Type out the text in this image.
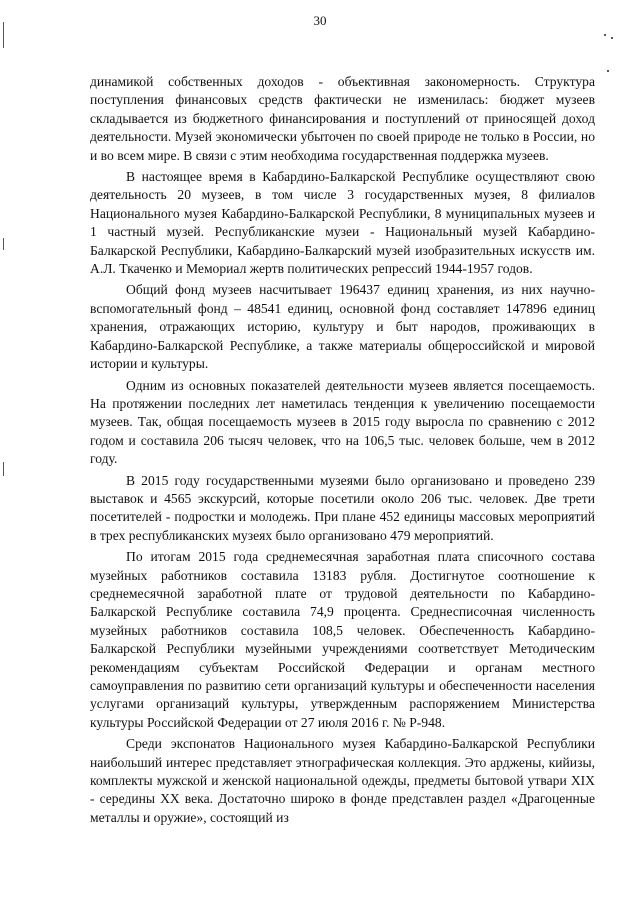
30

динамикой собственных доходов - объективная закономерность. Структура поступления финансовых средств фактически не изменилась: бюджет музеев складывается из бюджетного финансирования и поступлений от приносящей доход деятельности. Музей экономически убыточен по своей природе не только в России, но и во всем мире. В связи с этим необходима государственная поддержка музеев.

В настоящее время в Кабардино-Балкарской Республике осуществляют свою деятельность 20 музеев, в том числе 3 государственных музея, 8 филиалов Национального музея Кабардино-Балкарской Республики, 8 муниципальных музеев и 1 частный музей. Республиканские музеи - Национальный музей Кабардино-Балкарской Республики, Кабардино-Балкарский музей изобразительных искусств им. А.Л. Ткаченко и Мемориал жертв политических репрессий 1944-1957 годов.

Общий фонд музеев насчитывает 196437 единиц хранения, из них научно-вспомогательный фонд – 48541 единиц, основной фонд составляет 147896 единиц хранения, отражающих историю, культуру и быт народов, проживающих в Кабардино-Балкарской Республике, а также материалы общероссийской и мировой истории и культуры.

Одним из основных показателей деятельности музеев является посещаемость. На протяжении последних лет наметилась тенденция к увеличению посещаемости музеев. Так, общая посещаемость музеев в 2015 году выросла по сравнению с 2012 годом и составила 206 тысяч человек, что на 106,5 тыс. человек больше, чем в 2012 году.

В 2015 году государственными музеями было организовано и проведено 239 выставок и 4565 экскурсий, которые посетили около 206 тыс. человек. Две трети посетителей - подростки и молодежь. При плане 452 единицы массовых мероприятий в трех республиканских музеях было организовано 479 мероприятий.

По итогам 2015 года среднемесячная заработная плата списочного состава музейных работников составила 13183 рубля. Достигнутое соотношение к среднемесячной заработной плате от трудовой деятельности по Кабардино-Балкарской Республике составила 74,9 процента. Среднесписочная численность музейных работников составила 108,5 человек. Обеспеченность Кабардино-Балкарской Республики музейными учреждениями соответствует Методическим рекомендациям субъектам Российской Федерации и органам местного самоуправления по развитию сети организаций культуры и обеспеченности населения услугами организаций культуры, утвержденным распоряжением Министерства культуры Российской Федерации от 27 июля 2016 г. № Р-948.

Среди экспонатов Национального музея Кабардино-Балкарской Республики наибольший интерес представляет этнографическая коллекция. Это арджены, кийизы, комплекты мужской и женской национальной одежды, предметы бытовой утвари XIX - середины XX века. Достаточно широко в фонде представлен раздел «Драгоценные металлы и оружие», состоящий из
